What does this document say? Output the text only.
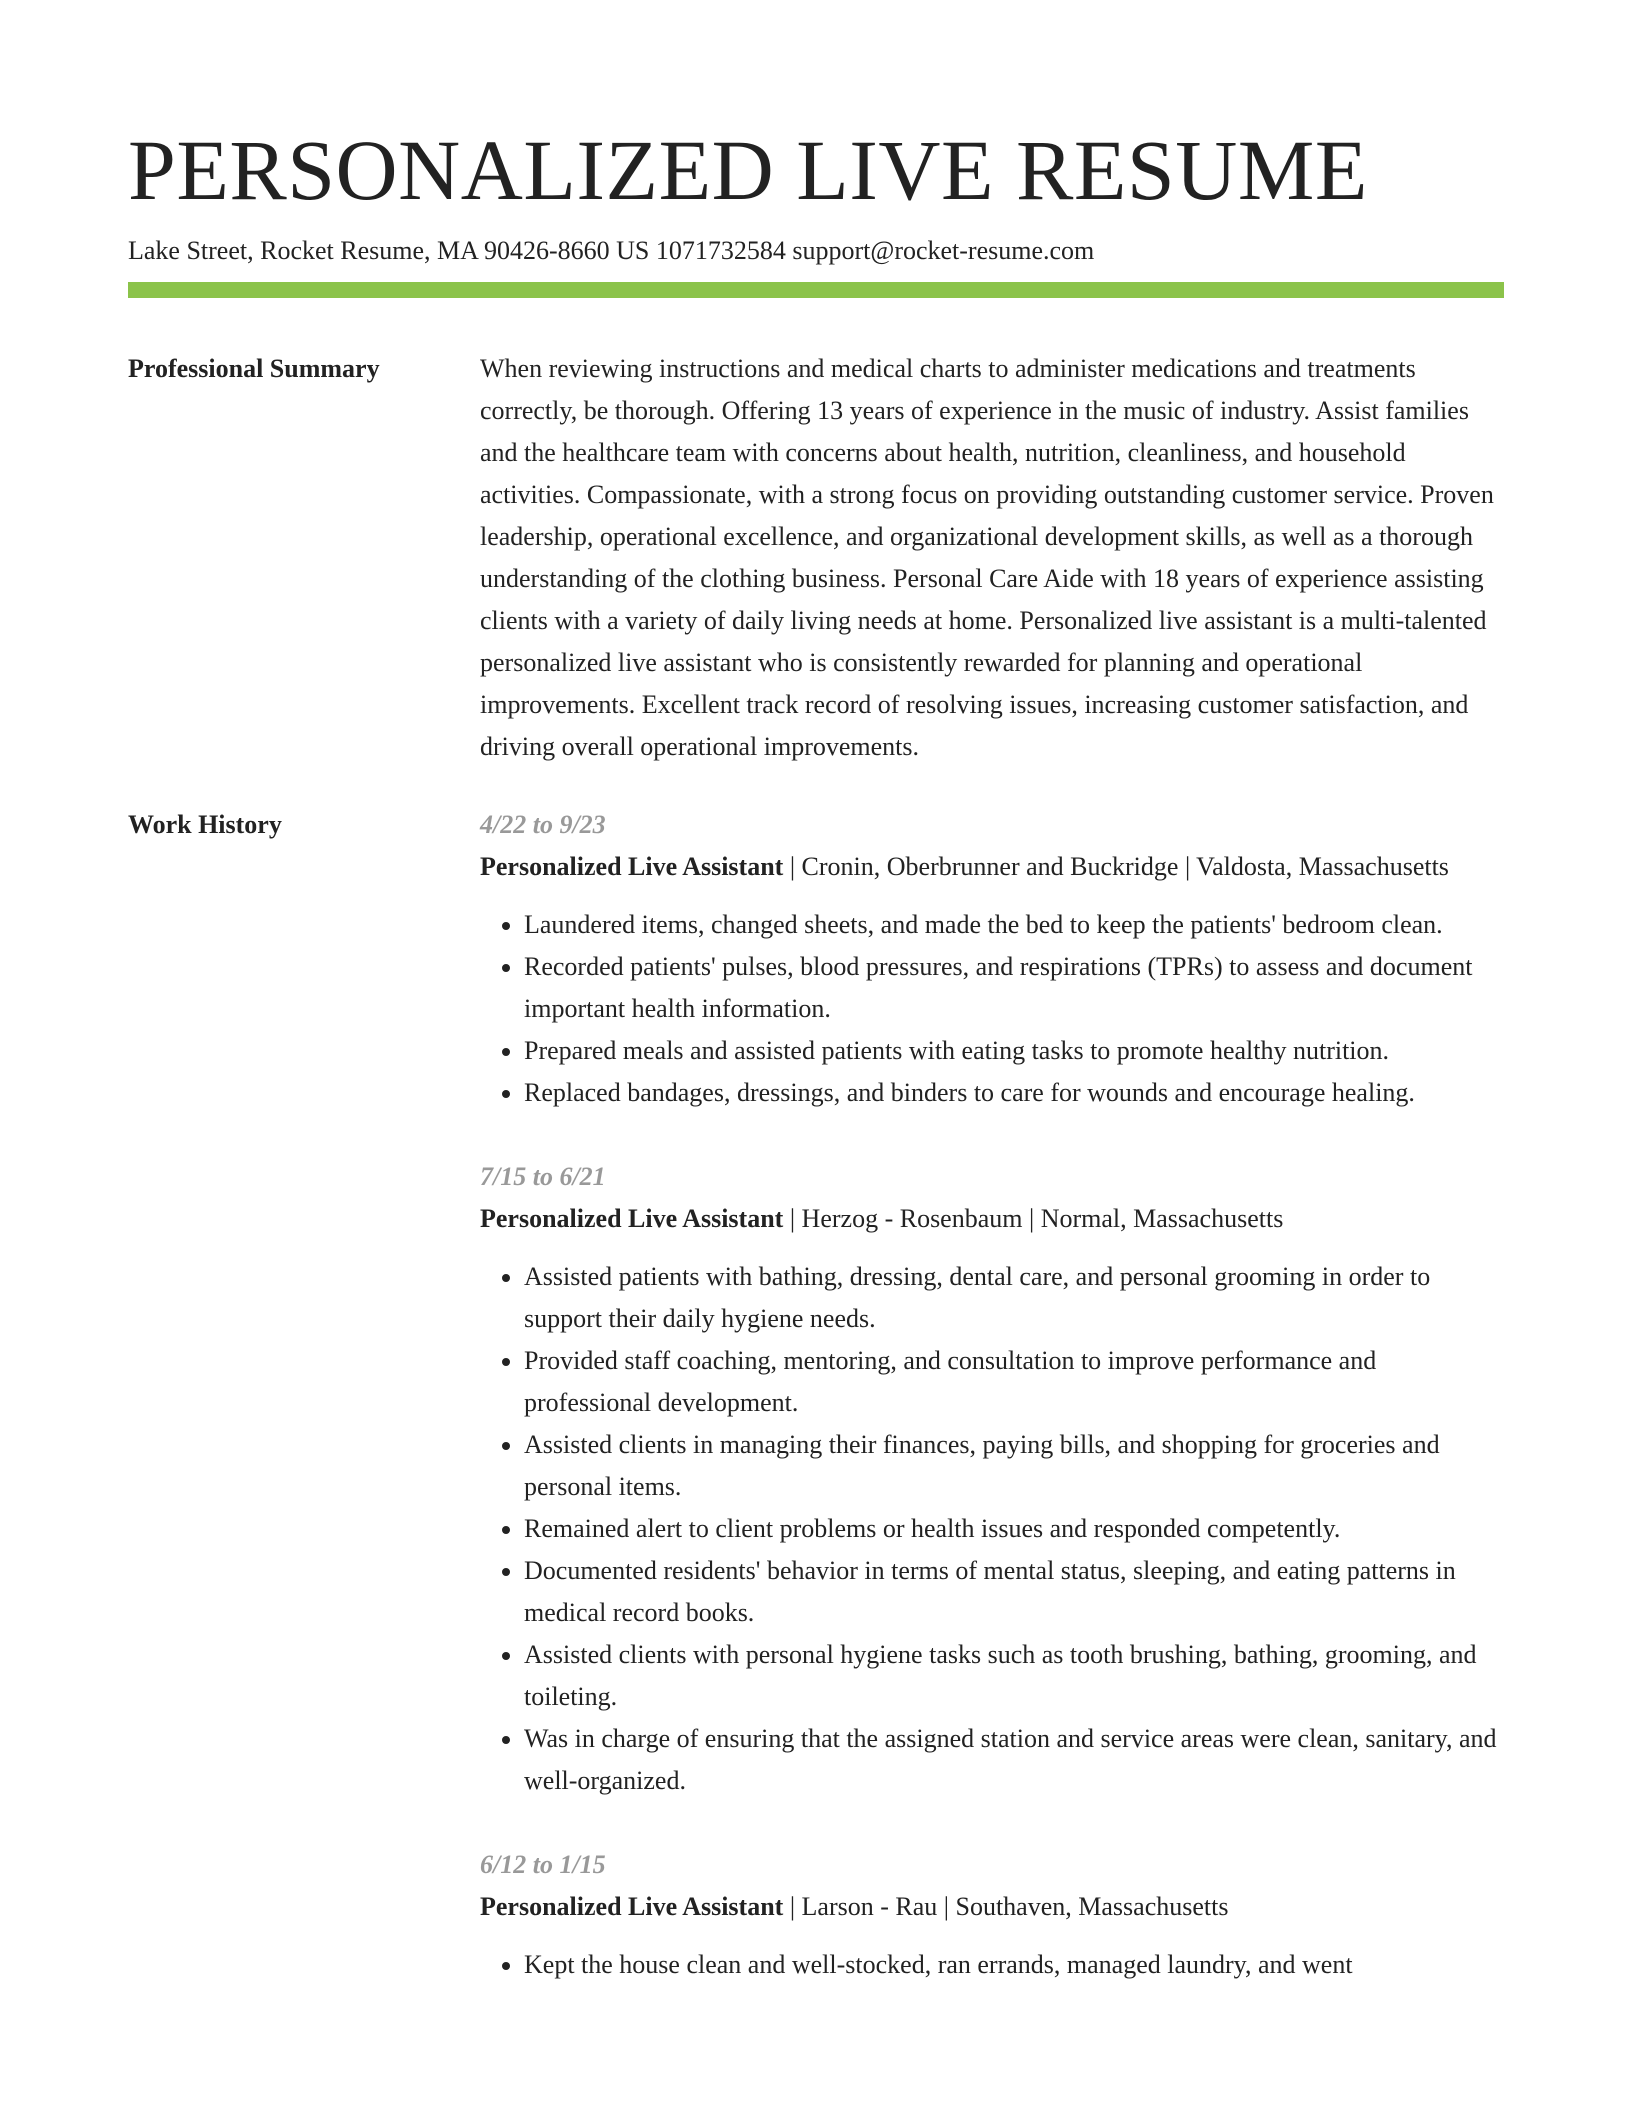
PERSONALIZED LIVE RESUME
Lake Street, Rocket Resume, MA 90426-8660 US 1071732584 support@rocket-resume.com
Professional Summary	When reviewing instructions and medical charts to administer medications and treatments correctly, be thorough. Offering 13 years of experience in the music of industry. Assist families and the healthcare team with concerns about health, nutrition, cleanliness, and household activities. Compassionate, with a strong focus on providing outstanding customer service. Proven leadership, operational excellence, and organizational development skills, as well as a thorough understanding of the clothing business. Personal Care Aide with 18 years of experience assisting clients with a variety of daily living needs at home. Personalized live assistant is a multi-talented personalized live assistant who is consistently rewarded for planning and operational improvements. Excellent track record of resolving issues, increasing customer satisfaction, and driving overall operational improvements.

Work History	4/22 to 9/23
Personalized Live Assistant | Cronin, Oberbrunner and Buckridge | Valdosta, Massachusetts
• Laundered items, changed sheets, and made the bed to keep the patients' bedroom clean.
• Recorded patients' pulses, blood pressures, and respirations (TPRs) to assess and document important health information.
• Prepared meals and assisted patients with eating tasks to promote healthy nutrition.
• Replaced bandages, dressings, and binders to care for wounds and encourage healing.
7/15 to 6/21
Personalized Live Assistant | Herzog - Rosenbaum | Normal, Massachusetts
• Assisted patients with bathing, dressing, dental care, and personal grooming in order to support their daily hygiene needs.
• Provided staff coaching, mentoring, and consultation to improve performance and professional development.
• Assisted clients in managing their finances, paying bills, and shopping for groceries and personal items.
• Remained alert to client problems or health issues and responded competently.
• Documented residents' behavior in terms of mental status, sleeping, and eating patterns in medical record books.
• Assisted clients with personal hygiene tasks such as tooth brushing, bathing, grooming, and toileting.
• Was in charge of ensuring that the assigned station and service areas were clean, sanitary, and well-organized.
6/12 to 1/15
Personalized Live Assistant | Larson - Rau | Southaven, Massachusetts
• Kept the house clean and well-stocked, ran errands, managed laundry, and went
